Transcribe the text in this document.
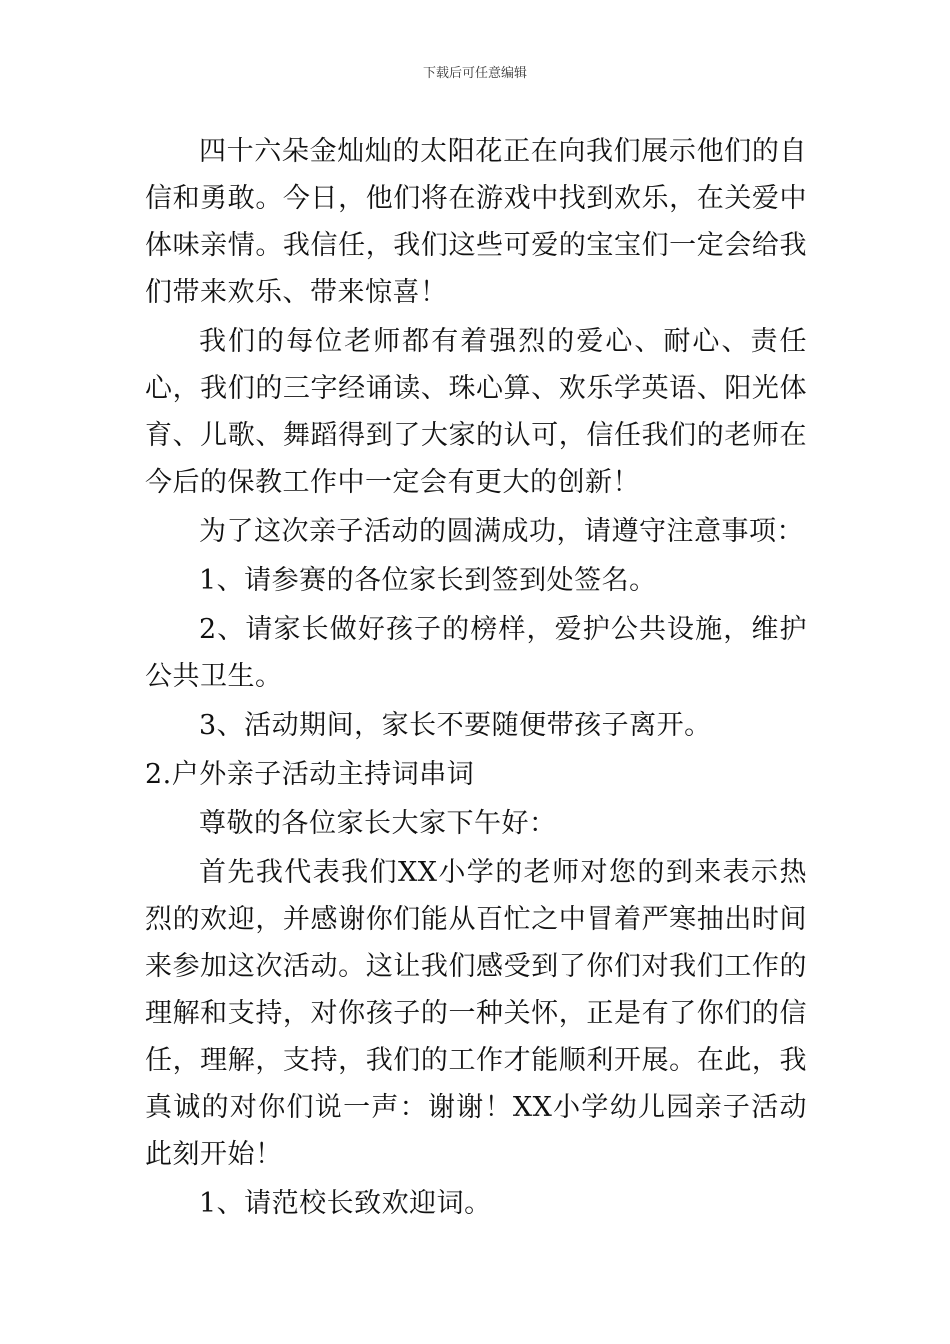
下载后可任意编辑

四十六朵金灿灿的太阳花正在向我们展示他们的自信和勇敢。今日，他们将在游戏中找到欢乐，在关爱中体味亲情。我信任，我们这些可爱的宝宝们一定会给我们带来欢乐、带来惊喜！

我们的每位老师都有着强烈的爱心、耐心、责任心，我们的三字经诵读、珠心算、欢乐学英语、阳光体育、儿歌、舞蹈得到了大家的认可，信任我们的老师在今后的保教工作中一定会有更大的创新！

为了这次亲子活动的圆满成功，请遵守注意事项：

1、请参赛的各位家长到签到处签名。

2、请家长做好孩子的榜样，爱护公共设施，维护公共卫生。

3、活动期间，家长不要随便带孩子离开。

2.户外亲子活动主持词串词

尊敬的各位家长大家下午好：

首先我代表我们XX小学的老师对您的到来表示热烈的欢迎，并感谢你们能从百忙之中冒着严寒抽出时间来参加这次活动。这让我们感受到了你们对我们工作的理解和支持，对你孩子的一种关怀，正是有了你们的信任，理解，支持，我们的工作才能顺利开展。在此，我真诚的对你们说一声：谢谢！XX小学幼儿园亲子活动此刻开始！

1、请范校长致欢迎词。
